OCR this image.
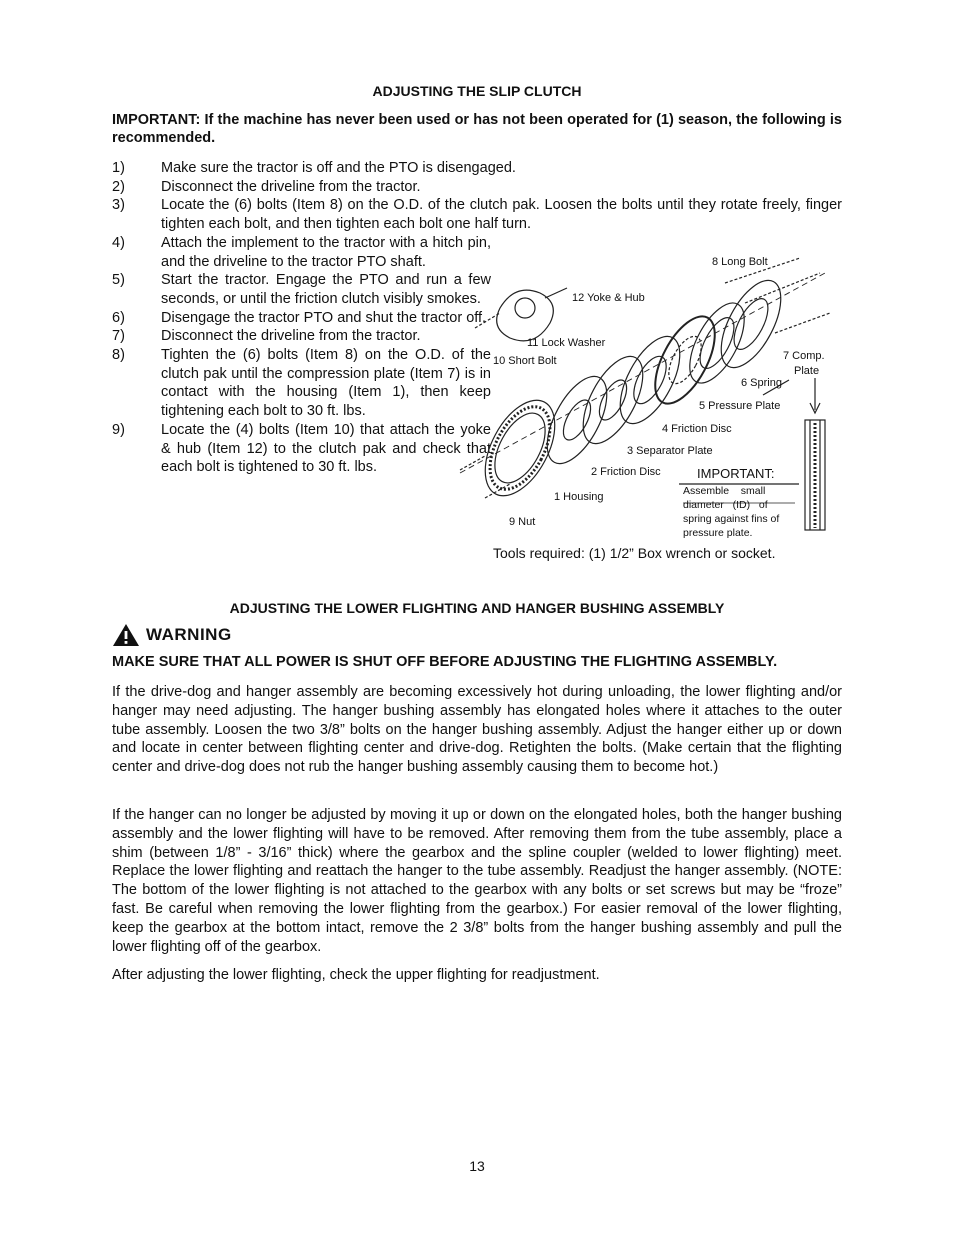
ADJUSTING THE SLIP CLUTCH
IMPORTANT: If the machine has never been used or has not been operated for (1) season, the following is recommended.
1)	Make sure the tractor is off and the PTO is disengaged.
2)	Disconnect the driveline from the tractor.
3)	Locate the (6) bolts (Item 8) on the O.D. of the clutch pak. Loosen the bolts until they rotate freely, finger tighten each bolt, and then tighten each bolt one half turn.
4)	Attach the implement to the tractor with a hitch pin, and the driveline to the tractor PTO shaft.
5)	Start the tractor. Engage the PTO and run a few seconds, or until the friction clutch visibly smokes.
6)	Disengage the tractor PTO and shut the tractor off.
7)	Disconnect the driveline from the tractor.
8)	Tighten the (6) bolts (Item 8) on the O.D. of the clutch pak until the compression plate (Item 7) is in contact with the housing (Item 1), then keep tightening each bolt to 30 ft. lbs.
9)	Locate the (4) bolts (Item 10) that attach the yoke & hub (Item 12) to the clutch pak and check that each bolt is tightened to 30 ft. lbs.
8 Long Bolt
12 Yoke & Hub
11 Lock Washer
10 Short Bolt	7 Comp.
Plate
6 Spring
5 Pressure Plate
4 Friction Disc
3 Separator Plate
2 Friction Disc
1 Housing
9 Nut
IMPORTANT:
Assemble    small
diameter   (ID)   of
spring against fins of
pressure plate.
Tools required: (1) 1/2” Box wrench or socket.
ADJUSTING THE LOWER FLIGHTING AND HANGER BUSHING ASSEMBLY
WARNING
MAKE SURE THAT ALL POWER IS SHUT OFF BEFORE ADJUSTING THE FLIGHTING ASSEMBLY.
If the drive-dog and hanger assembly are becoming excessively hot during unloading, the lower flighting and/or hanger may need adjusting. The hanger bushing assembly has elongated holes where it attaches to the outer tube assembly. Loosen the two 3/8” bolts on the hanger bushing assembly. Adjust the hanger either up or down and locate in center between flighting center and drive-dog. Retighten the bolts. (Make certain that the flighting center and drive-dog does not rub the hanger bushing assembly causing them to become hot.)
If the hanger can no longer be adjusted by moving it up or down on the elongated holes, both the hanger bushing assembly and the lower flighting will have to be removed. After removing them from the tube assembly, place a shim (between 1/8” - 3/16” thick) where the gearbox and the spline coupler (welded to lower flighting) meet. Replace the lower flighting and reattach the hanger to the tube assembly. Readjust the hanger assembly. (NOTE: The bottom of the lower flighting is not attached to the gearbox with any bolts or set screws but may be “froze” fast. Be careful when removing the lower flighting from the gearbox.) For easier removal of the lower flighting, keep the gearbox at the bottom intact, remove the 2 3/8” bolts from the hanger bushing assembly and pull the lower flighting off of the gearbox.
After adjusting the lower flighting, check the upper flighting for readjustment.
13
